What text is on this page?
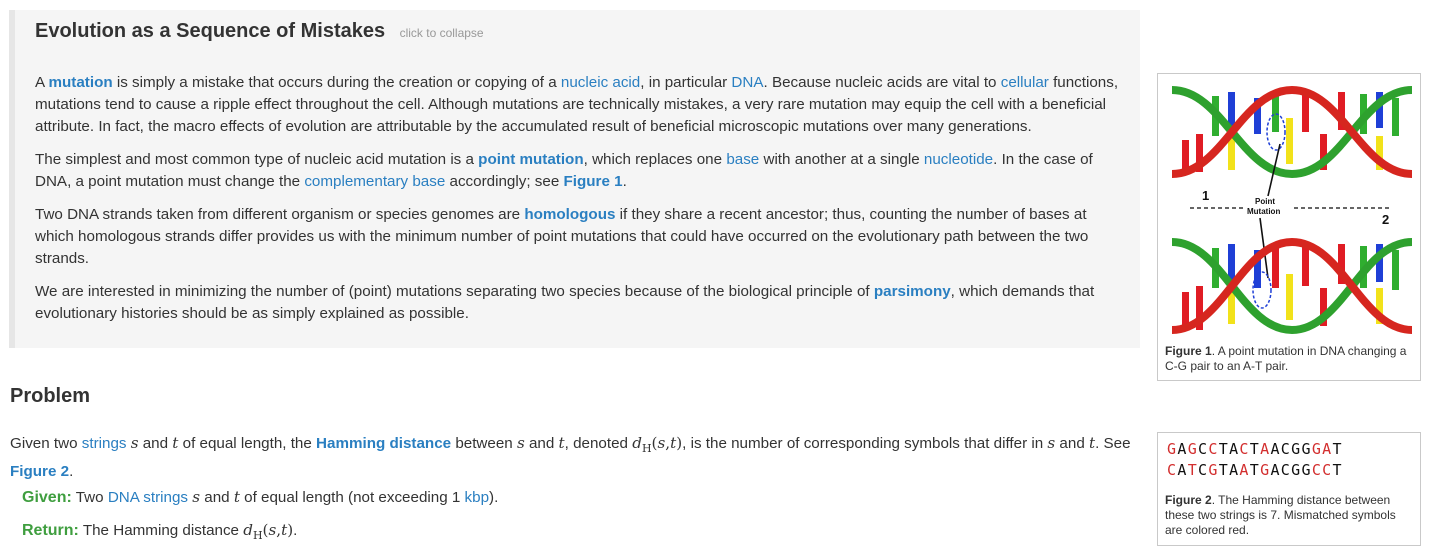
Evolution as a Sequence of Mistakes click to collapse

A mutation is simply a mistake that occurs during the creation or copying of a nucleic acid, in particular DNA. Because nucleic acids are vital to cellular functions, mutations tend to cause a ripple effect throughout the cell. Although mutations are technically mistakes, a very rare mutation may equip the cell with a beneficial attribute. In fact, the macro effects of evolution are attributable by the accumulated result of beneficial microscopic mutations over many generations.

The simplest and most common type of nucleic acid mutation is a point mutation, which replaces one base with another at a single nucleotide. In the case of DNA, a point mutation must change the complementary base accordingly; see Figure 1.

Two DNA strands taken from different organism or species genomes are homologous if they share a recent ancestor; thus, counting the number of bases at which homologous strands differ provides us with the minimum number of point mutations that could have occurred on the evolutionary path between the two strands.

We are interested in minimizing the number of (point) mutations separating two species because of the biological principle of parsimony, which demands that evolutionary histories should be as simply explained as possible.

1
2
Point
Mutation
Figure 1. A point mutation in DNA changing a C-G pair to an A-T pair.
Problem
Given two strings s and t of equal length, the Hamming distance between s and t, denoted $d_H(s,t)$, is the number of corresponding symbols that differ in s and t. See Figure 2.
Given: Two DNA strings s and t of equal length (not exceeding 1 kbp).
Return: The Hamming distance $d_H(s,t)$.
GAGCCTACTAACGGGAT
CATCGTAATGACGGCCT
Figure 2. The Hamming distance between these two strings is 7. Mismatched symbols are colored red.
